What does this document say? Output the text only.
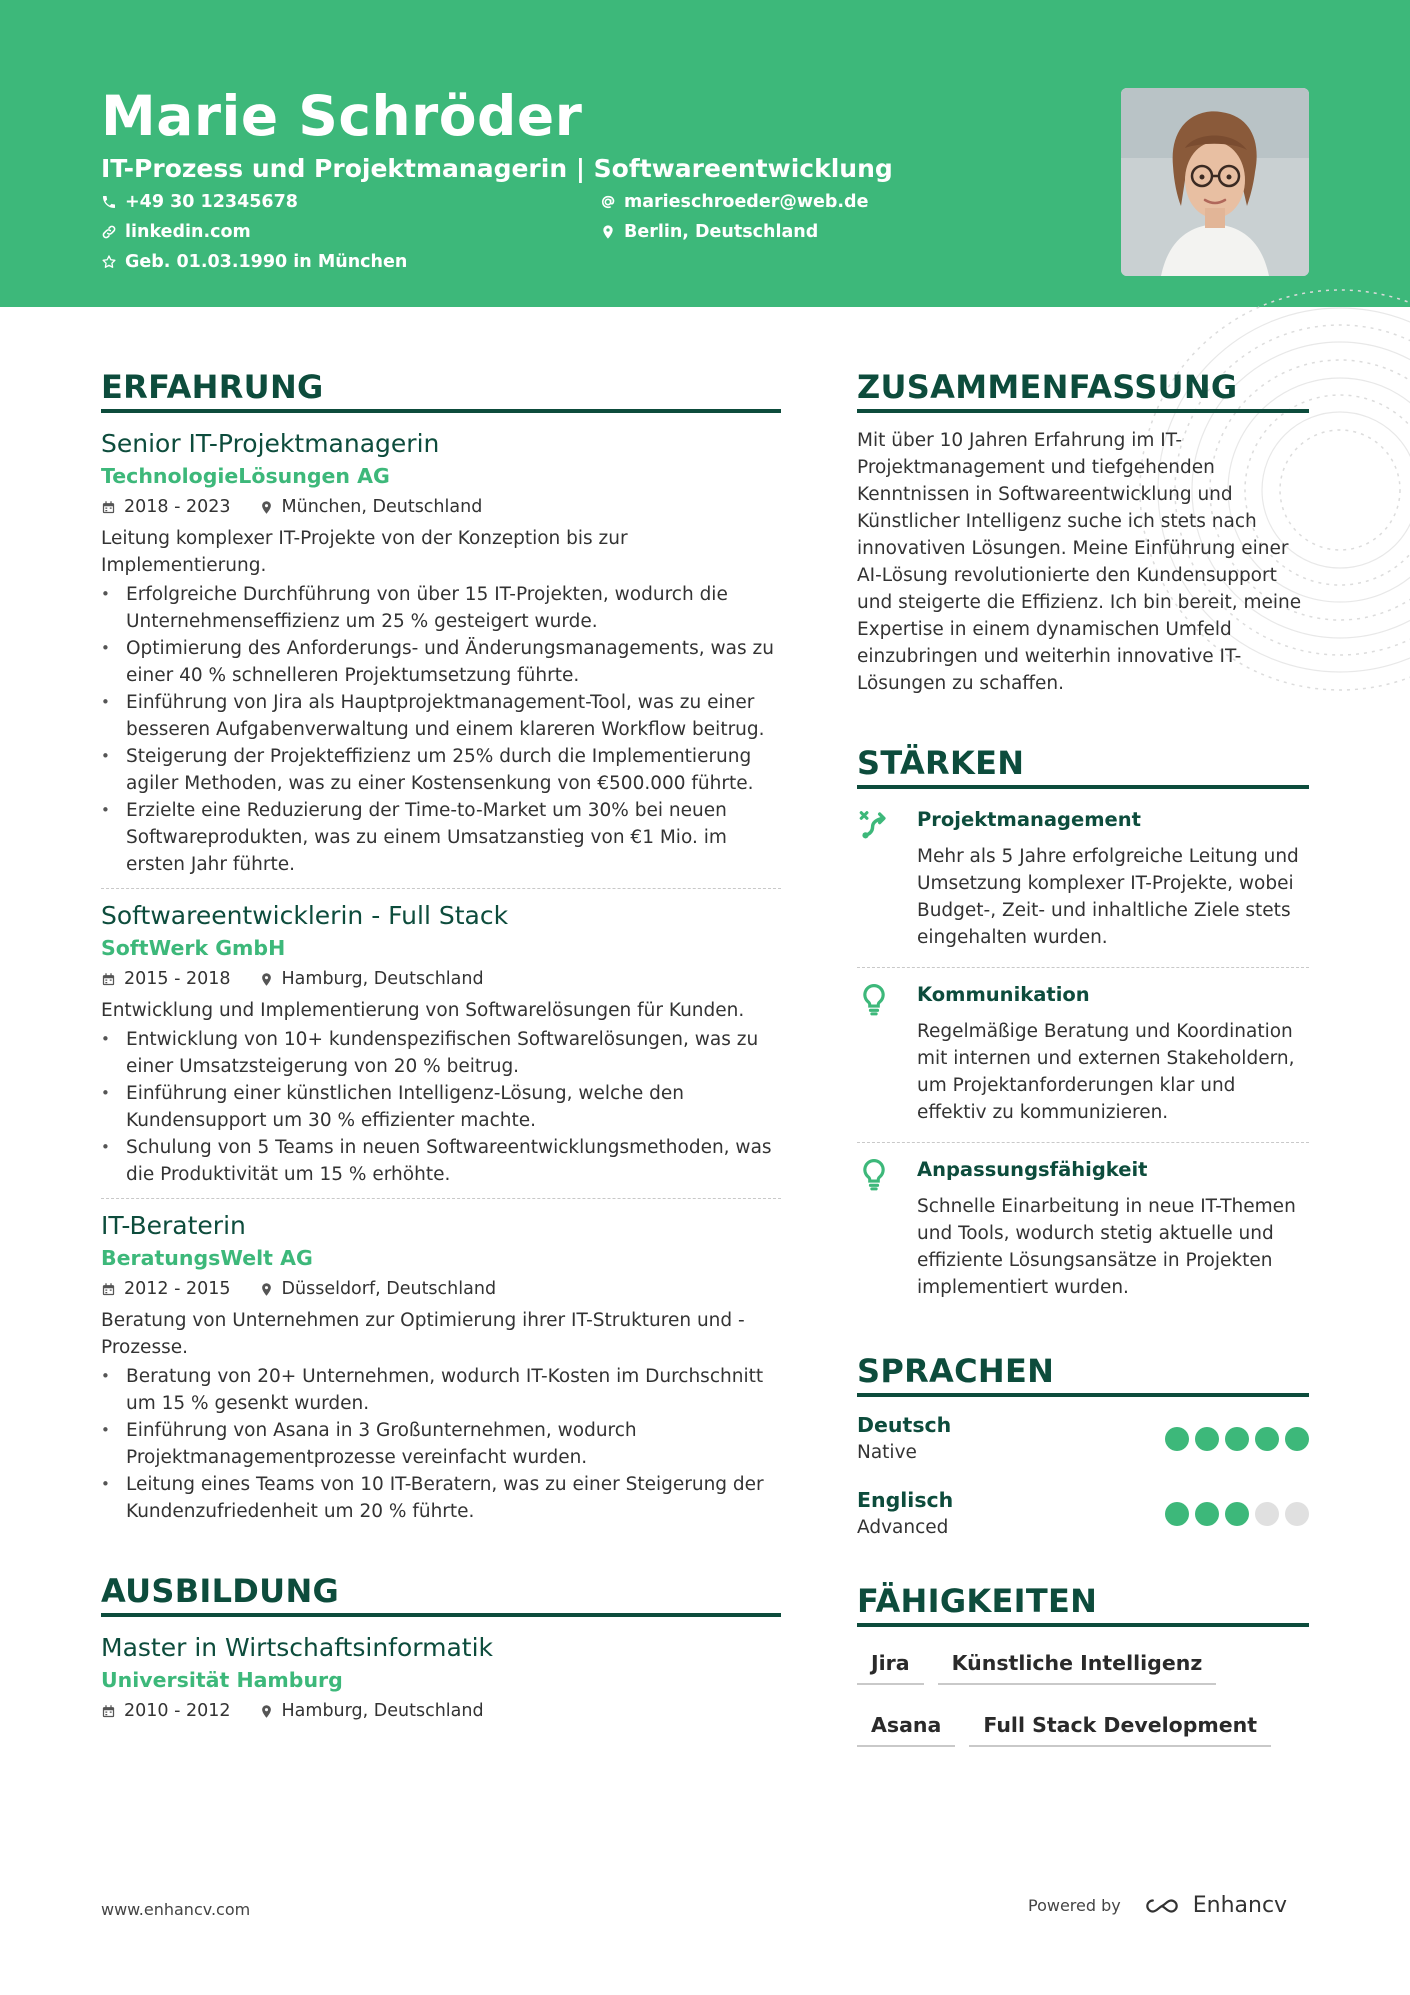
Marie Schröder
IT-Prozess und Projektmanagerin | Softwareentwicklung
+49 30 12345678	marieschroeder@web.de
linkedin.com	Berlin, Deutschland
Geb. 01.03.1990 in München
ERFAHRUNG
Senior IT-Projektmanagerin
TechnologieLösungen AG
2018 - 2023	München, Deutschland
Leitung komplexer IT-Projekte von der Konzeption bis zur Implementierung.
• Erfolgreiche Durchführung von über 15 IT-Projekten, wodurch die Unternehmenseffizienz um 25 % gesteigert wurde.
• Optimierung des Anforderungs- und Änderungsmanagements, was zu einer 40 % schnelleren Projektumsetzung führte.
• Einführung von Jira als Hauptprojektmanagement-Tool, was zu einer besseren Aufgabenverwaltung und einem klareren Workflow beitrug.
• Steigerung der Projekteffizienz um 25% durch die Implementierung agiler Methoden, was zu einer Kostensenkung von €500.000 führte.
• Erzielte eine Reduzierung der Time-to-Market um 30% bei neuen Softwareprodukten, was zu einem Umsatzanstieg von €1 Mio. im ersten Jahr führte.
Softwareentwicklerin - Full Stack
SoftWerk GmbH
2015 - 2018	Hamburg, Deutschland
Entwicklung und Implementierung von Softwarelösungen für Kunden.
• Entwicklung von 10+ kundenspezifischen Softwarelösungen, was zu einer Umsatzsteigerung von 20 % beitrug.
• Einführung einer künstlichen Intelligenz-Lösung, welche den Kundensupport um 30 % effizienter machte.
• Schulung von 5 Teams in neuen Softwareentwicklungsmethoden, was die Produktivität um 15 % erhöhte.
IT-Beraterin
BeratungsWelt AG
2012 - 2015	Düsseldorf, Deutschland
Beratung von Unternehmen zur Optimierung ihrer IT-Strukturen und -Prozesse.
• Beratung von 20+ Unternehmen, wodurch IT-Kosten im Durchschnitt um 15 % gesenkt wurden.
• Einführung von Asana in 3 Großunternehmen, wodurch Projektmanagementprozesse vereinfacht wurden.
• Leitung eines Teams von 10 IT-Beratern, was zu einer Steigerung der Kundenzufriedenheit um 20 % führte.
AUSBILDUNG
Master in Wirtschaftsinformatik
Universität Hamburg
2010 - 2012	Hamburg, Deutschland
ZUSAMMENFASSUNG
Mit über 10 Jahren Erfahrung im IT-Projektmanagement und tiefgehenden Kenntnissen in Softwareentwicklung und Künstlicher Intelligenz suche ich stets nach innovativen Lösungen. Meine Einführung einer AI-Lösung revolutionierte den Kundensupport und steigerte die Effizienz. Ich bin bereit, meine Expertise in einem dynamischen Umfeld einzubringen und weiterhin innovative IT-Lösungen zu schaffen.
STÄRKEN
Projektmanagement
Mehr als 5 Jahre erfolgreiche Leitung und Umsetzung komplexer IT-Projekte, wobei Budget-, Zeit- und inhaltliche Ziele stets eingehalten wurden.
Kommunikation
Regelmäßige Beratung und Koordination mit internen und externen Stakeholdern, um Projektanforderungen klar und effektiv zu kommunizieren.
Anpassungsfähigkeit
Schnelle Einarbeitung in neue IT-Themen und Tools, wodurch stetig aktuelle und effiziente Lösungsansätze in Projekten implementiert wurden.
SPRACHEN
Deutsch
Native
Englisch
Advanced
FÄHIGKEITEN
Jira	Künstliche Intelligenz
Asana	Full Stack Development
www.enhancv.com	Powered by	Enhancv
